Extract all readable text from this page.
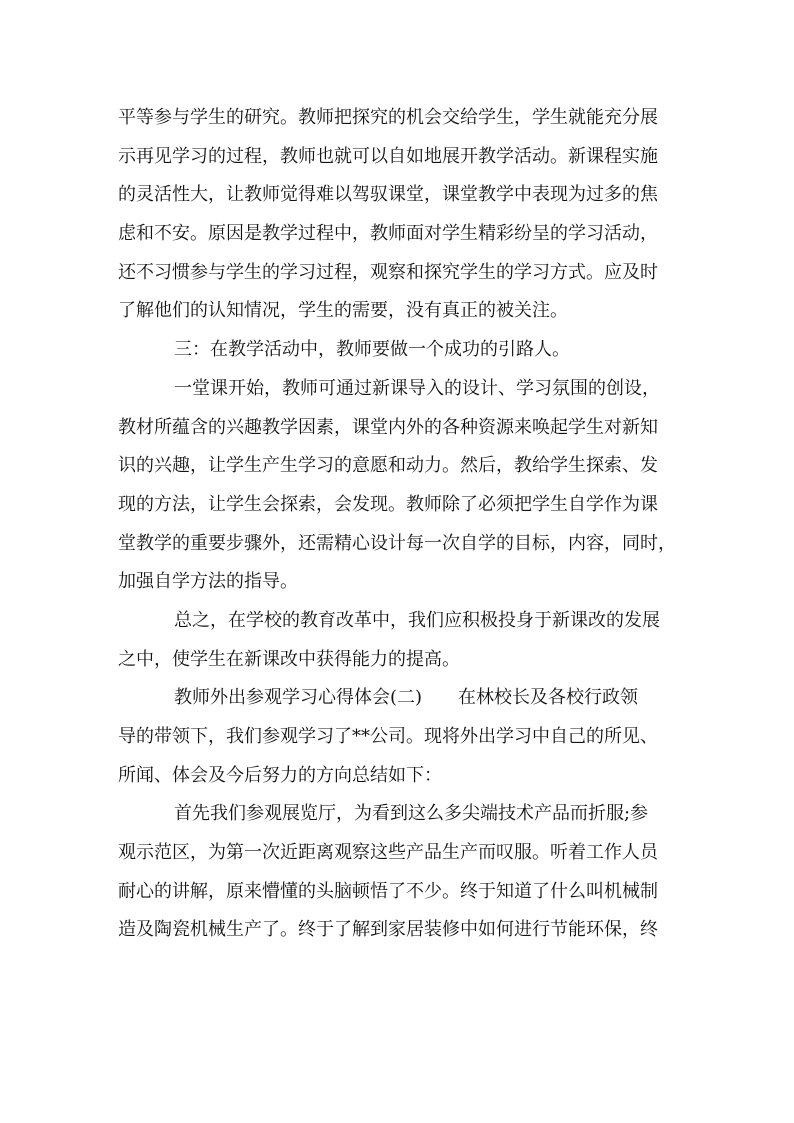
平等参与学生的研究。教师把探究的机会交给学生，学生就能充分展
示再见学习的过程，教师也就可以自如地展开教学活动。新课程实施
的灵活性大，让教师觉得难以驾驭课堂，课堂教学中表现为过多的焦
虑和不安。原因是教学过程中，教师面对学生精彩纷呈的学习活动，
还不习惯参与学生的学习过程，观察和探究学生的学习方式。应及时
了解他们的认知情况，学生的需要，没有真正的被关注。
三：在教学活动中，教师要做一个成功的引路人。
一堂课开始，教师可通过新课导入的设计、学习氛围的创设，
教材所蕴含的兴趣教学因素，课堂内外的各种资源来唤起学生对新知
识的兴趣，让学生产生学习的意愿和动力。然后，教给学生探索、发
现的方法，让学生会探索，会发现。教师除了必须把学生自学作为课
堂教学的重要步骤外，还需精心设计每一次自学的目标，内容，同时，
加强自学方法的指导。
总之，在学校的教育改革中，我们应积极投身于新课改的发展
之中，使学生在新课改中获得能力的提高。
教师外出参观学习心得体会(二)　　在林校长及各校行政领
导的带领下，我们参观学习了**公司。现将外出学习中自己的所见、
所闻、体会及今后努力的方向总结如下：
首先我们参观展览厅，为看到这么多尖端技术产品而折服;参
观示范区，为第一次近距离观察这些产品生产而叹服。听着工作人员
耐心的讲解，原来懵懂的头脑顿悟了不少。终于知道了什么叫机械制
造及陶瓷机械生产了。终于了解到家居装修中如何进行节能环保，终
